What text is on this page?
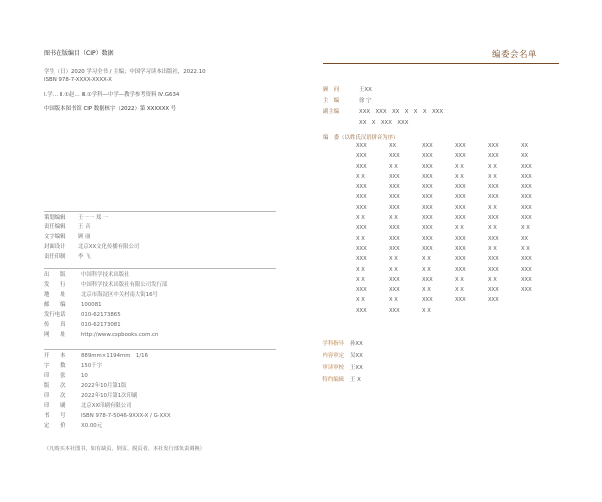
图书在版编目（CIP）数据
学生（日）2020 学习全书 / 主编；中国学习读本出版社，2022.10
ISBN 978-7-XXXX-XXXX-X
Ⅰ.学… Ⅱ.①赵… Ⅲ.①学科—中学—教学参考资料 Ⅳ.G634
中国版本图书馆 CIP 数据核字（2022）第 XXXXXX 号
策划编辑	王一一 郑 一
责任编辑	王 音
文字编辑	顾 丽
封面设计	北京XX文化传播有限公司
责任印制	李 飞
出　　版	中国科学技术出版社
发　　行	中国科学技术出版社有限公司发行部
地　　址	北京市海淀区中关村南大街16号
邮　　编	100081
发行电话	010-62173865
传　　真	010-62173081
网　　址	http://www.cspbooks.com.cn
开　　本	889mm×1194mm　1/16
字　　数	150千字
印　　张	10
版　　次	2022年10月第1版
印　　次	2022年10月第1次印刷
印　　刷	北京XX印刷有限公司
书　　号	ISBN 978-7-5046-9XXX-X / G·XXX
定　　价	X0.00元
（凡购买本社图书，如有缺页、倒页、脱页者，本社发行部负责调换）
编委会名单
顾　问	王XX
主　编	徐 宁
副主编	XXX　XXX　XX　X　X　X　XXX
XX　X　XXX　XXX
编　委（以姓氏汉语拼音为序）
XXX	XX	XXX	XXX	XXX	XX
XXX	XXX	XXX	XXX	XXX	XX
XXX	X X	XXX	X X	X X	XXX
X X	XXX	XXX	X X	X X	XXX
XXX	XXX	XXX	XXX	XXX	XXX
XXX	XXX	XXX	XXX	XXX	XXX
XXX	XXX	XXX	XXX	X X	XXX
X X	X X	XXX	XXX	XXX	XXX
XXX	XXX	XXX	X X	X X	X X
X X	XXX	XXX	XXX	XXX	XX
XXX	XXX	XXX	XXX	X X	X X
XXX	X X	X X	XXX	XXX	XXX
X X	X X	X X	XXX	XXX	XXX
X X	XXX	XXX	X X	X X	XXX
XXX	XXX	X X	X X	XXX	XXX
X X	X X	XXX	XXX	XXX
XXX	XXX	X X
学科指导	孙XX
内容审定	吴XX
审读审校	王XX
特约编辑	王 X
